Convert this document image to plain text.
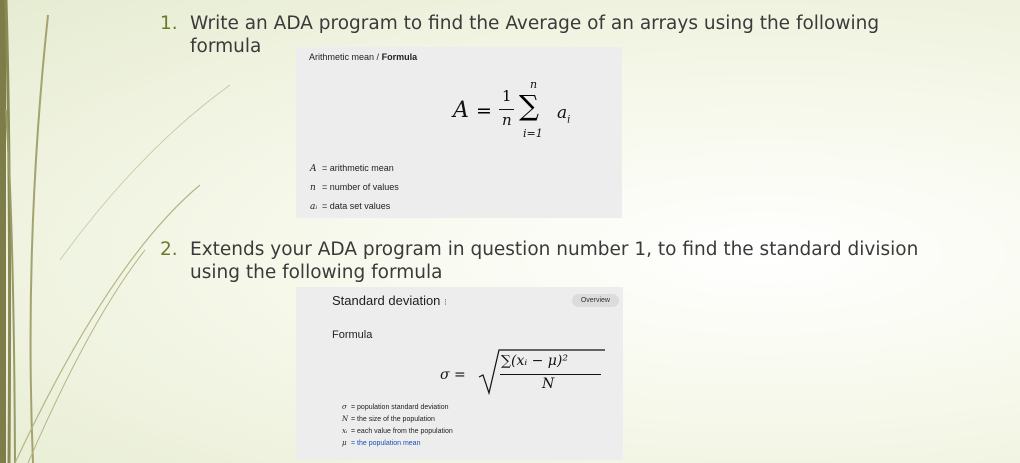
1. Write an ADA program to find the Average of an arrays using the following
formula	Arithmetic mean / Formula
A =
1
n
n
∑
i=1
$a_i$
A = arithmetic mean
n = number of values
aᵢ = data set values
2. Extends your ADA program in question number 1, to find the standard division
using the following formula
Standard deviation ⁝	Overview
Formula
σ =
∑(xᵢ − μ)²
N
σ = population standard deviation
N = the size of the population
xᵢ = each value from the population
μ = the population mean
